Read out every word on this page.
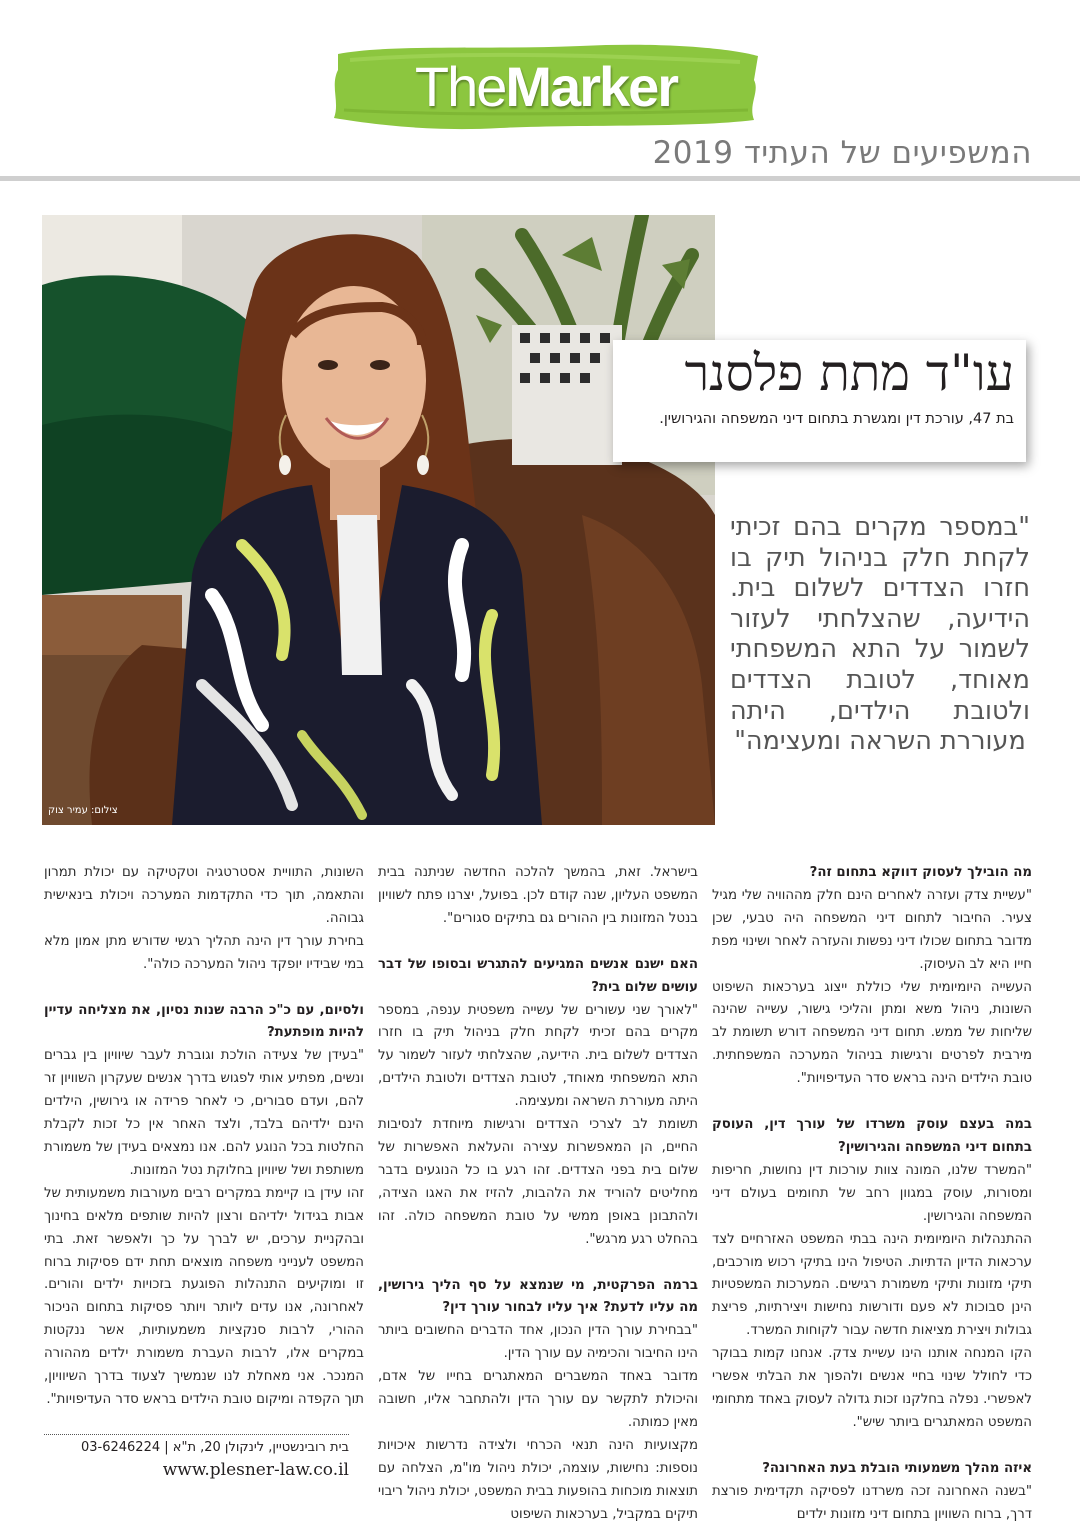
The Marker
המשפיעים של העתיד 2019
צילום: עמיר צוק
עו"ד מתת פלסנר
בת 47, עורכת דין ומגשרת בתחום דיני המשפחה והגירושין.
"במספר מקרים בהם זכיתי לקחת חלק בניהול תיק בו חזרו הצדדים לשלום בית. הידיעה, שהצלחתי לעזור לשמור על התא המשפחתי מאוחד, לטובת הצדדים ולטובת הילדים, היתה מעוררת השראה ומעצימה"

מה הובילך לעסוק דווקא בתחום זה?

"עשיית צדק ועזרה לאחרים הינם חלק מההוויה שלי מגיל צעיר. החיבור לתחום דיני המשפחה היה טבעי, שכן מדובר בתחום שכולו דיני נפשות והעזרה לאחר ושינוי מפת חייו היא לב העיסוק.

העשייה היומיומית שלי כוללת ייצוג בערכאות השיפוט השונות, ניהול משא ומתן והליכי גישור, עשייה שהינה שליחות של ממש. תחום דיני המשפחה דורש תשומת לב מירבית לפרטים ורגישות בניהול המערכה המשפחתית. טובת הילדים הינה בראש סדר העדיפויות".

במה בעצם עוסק משרדו של עורך דין, העוסק בתחום דיני המשפחה והגירושין?

"המשרד שלנו, המונה צוות עורכות דין נחושות, חריפות ומסורות, עוסק במגוון רחב של תחומים בעולם דיני המשפחה והגירושין.

ההתנהלות היומיומית הינה בבתי המשפט האזרחיים לצד ערכאות הדיון הדתיות. הטיפול הינו בתיקי רכוש מורכבים, תיקי מזונות ותיקי משמורת רגישים. המערכות המשפטיות הינן סבוכות לא פעם ודורשות נחישות ויצירתיות, פריצת גבולות ויצירת מציאות חדשה עבור לקוחות המשרד.

הקו המנחה אותנו הינו עשיית צדק. אנחנו קמות בבוקר כדי לחולל שינוי בחיי אנשים ולהפוך את הבלתי אפשרי לאפשרי. נפלה בחלקנו זכות גדולה לעסוק באחד מתחומי המשפט המאתגרים ביותר שיש".

איזה מהלך משמעותי הובלת בעת האחרונה?

"בשנה האחרונה זכה משרדנו לפסיקה תקדימית פורצת דרך, ברוח השוויון בתחום דיני מזונות ילדים

בישראל. זאת, בהמשך להלכה החדשה שניתנה בבית המשפט העליון, שנה קודם לכן. בפועל, יצרנו פתח לשוויון בנטל המזונות בין ההורים גם בתיקים סגורים".

האם ישנם אנשים המגיעים להתגרש ובסופו של דבר עושים שלום בית?

"לאורך שני עשורים של עשייה משפטית ענפה, במספר מקרים בהם זכיתי לקחת חלק בניהול תיק בו חזרו הצדדים לשלום בית. הידיעה, שהצלחתי לעזור לשמור על התא המשפחתי מאוחד, לטובת הצדדים ולטובת הילדים, היתה מעוררת השראה ומעצימה.

תשומת לב לצרכי הצדדים ורגישות מיוחדת לנסיבות החיים, הן המאפשרות עצירה והעלאת האפשרות של שלום בית בפני הצדדים. זהו רגע בו כל הנוגעים בדבר מחליטים להוריד את הלהבות, להזיז את האגו הצידה, ולהתבונן באופן ממשי על טובת המשפחה כולה. זהו בהחלט רגע מרגש".

ברמה הפרקטית, מי שנמצא על סף הליך גירושין, מה עליו לדעת? איך עליו לבחור עורך דין?

"בבחירת עורך הדין הנכון, אחד הדברים החשובים ביותר הינו החיבור והכימיה עם עורך הדין.

מדובר באחד המשברים המאתגרים בחייו של אדם, והיכולת לתקשר עם עורך הדין ולהתחבר אליו, חשובה מאין כמותה.

מקצועיות הינה תנאי הכרחי ולצידה נדרשות איכויות נוספות: נחישות, עוצמה, יכולת ניהול מו"מ, הצלחה עם תוצאות מוכחות בהופעות בבית המשפט, יכולת ניהול ריבוי תיקים במקביל, בערכאות השיפוט

השונות, התוויית אסטרטגיה וטקטיקה עם יכולת תמרון והתאמה, תוך כדי התקדמות המערכה ויכולת בינאישית גבוהה.

בחירת עורך דין הינה תהליך רגשי שדורש מתן אמון מלא במי שבידיו יופקד ניהול המערכה כולה".

ולסיום, עם כ"כ הרבה שנות נסיון, את מצליחה עדיין להיות מופתעת?

"בעידן של צעידה הולכת וגוברת לעבר שיוויון בין גברים ונשים, מפתיע אותי לפגוש בדרך אנשים שעקרון השוויון זר להם, ועדם סבורים, כי לאחר פרידה או גירושין, הילדים הינם ילדיהם בלבד, ולצד האחר אין כל זכות לקבלת החלטות בכל הנוגע להם. אנו נמצאים בעידן של משמורת משותפת ושל שיוויון בחלוקת נטל המזונות.

זהו עידן בו קיימת במקרים רבים מעורבות משמעותית של אבות בגידול ילדיהם ורצון להיות שותפים מלאים בחינוך ובהקניית ערכים, יש לברך על כך ולאפשר זאת. בתי המשפט לענייני משפחה מוצאים תחת ידם פסיקות ברוח זו ומוקיעים התנהלות הפוגעת בזכויות ילדים והורים. לאחרונה, אנו עדים ליותר ויותר פסיקות בתחום הניכור ההורי, לרבות סנקציות משמעותיות, אשר ננקטות במקרים אלו, לרבות העברת משמורת ילדים מההורה המנכר. אני מאחלת לנו שנמשיך לצעוד בדרך השיוויון, תוך הקפדה ומיקום טובת הילדים בראש סדר העדיפויות".

בית רובינשטיין, לינקולן 20, ת"א | 03-6246224
www.plesner-law.co.il
